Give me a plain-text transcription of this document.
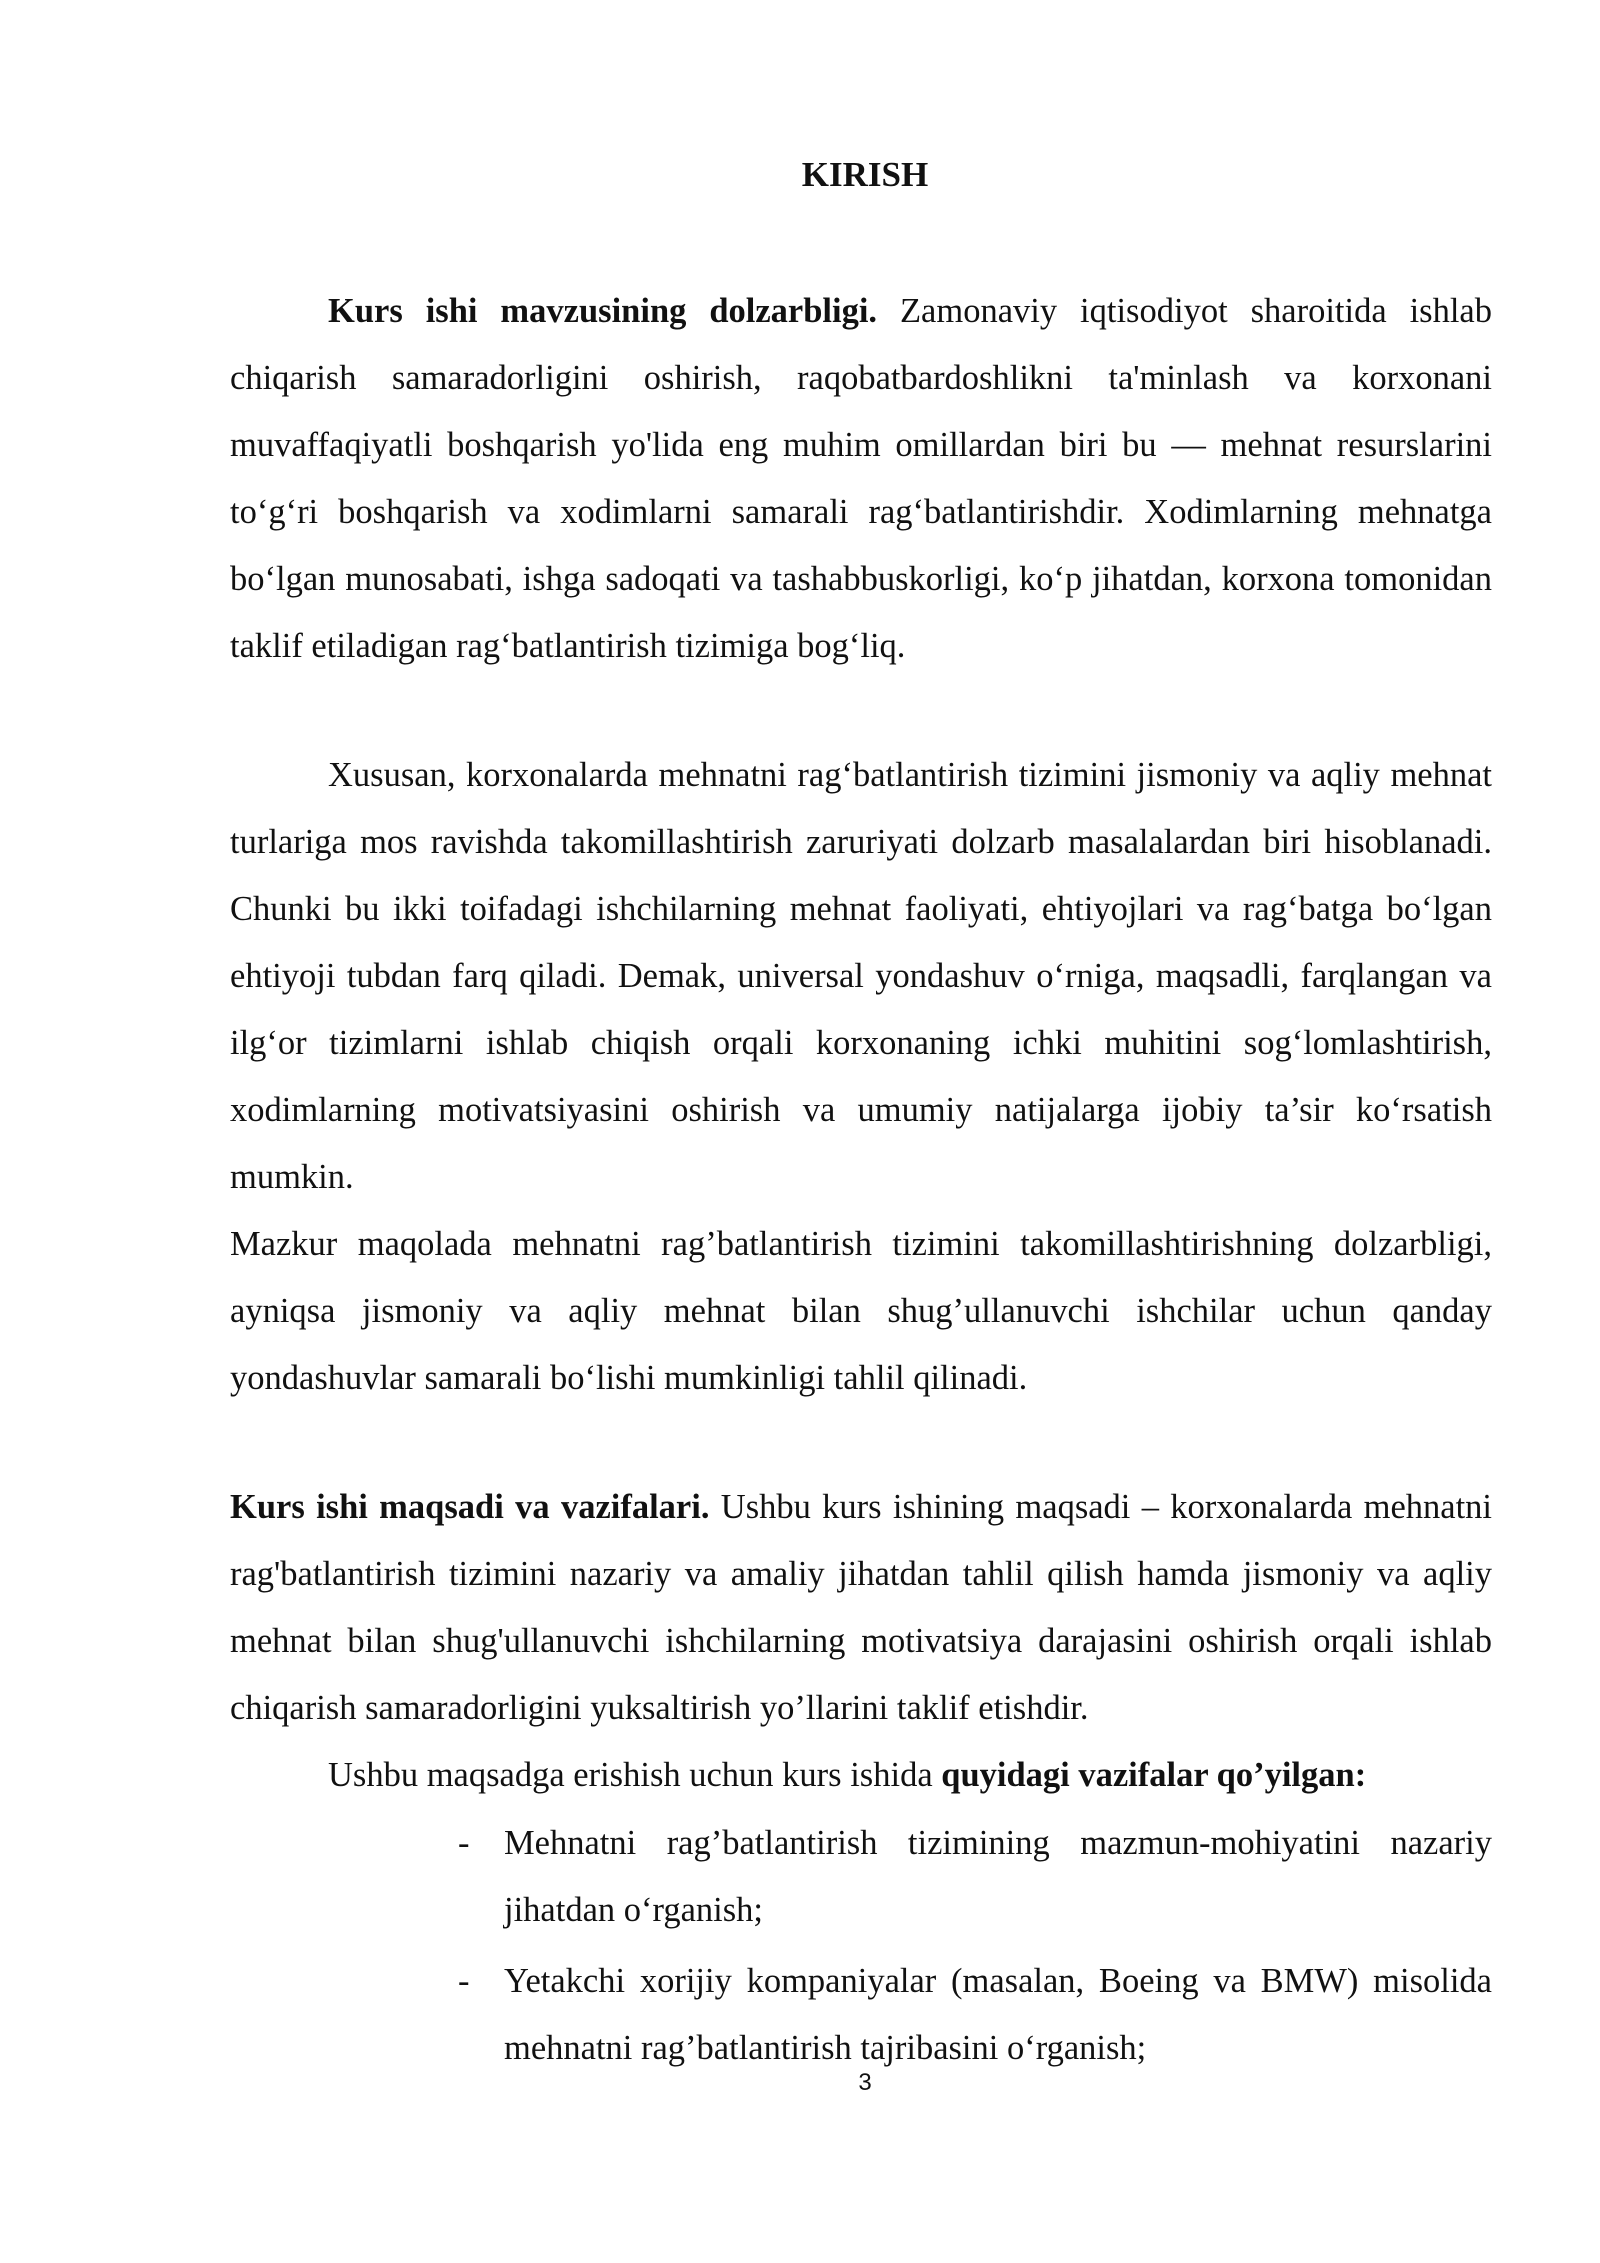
KIRISH

Kurs ishi mavzusining dolzarbligi. Zamonaviy iqtisodiyot sharoitida ishlab chiqarish samaradorligini oshirish, raqobatbardoshlikni ta'minlash va korxonani muvaffaqiyatli boshqarish yo'lida eng muhim omillardan biri bu — mehnat resurslarini to‘g‘ri boshqarish va xodimlarni samarali rag‘batlantirishdir. Xodimlarning mehnatga bo‘lgan munosabati, ishga sadoqati va tashabbuskorligi, ko‘p jihatdan, korxona tomonidan taklif etiladigan rag‘batlantirish tizimiga bog‘liq.

Xususan, korxonalarda mehnatni rag‘batlantirish tizimini jismoniy va aqliy mehnat turlariga mos ravishda takomillashtirish zaruriyati dolzarb masalalardan biri hisoblanadi. Chunki bu ikki toifadagi ishchilarning mehnat faoliyati, ehtiyojlari va rag‘batga bo‘lgan ehtiyoji tubdan farq qiladi. Demak, universal yondashuv o‘rniga, maqsadli, farqlangan va ilg‘or tizimlarni ishlab chiqish orqali korxonaning ichki muhitini sog‘lomlashtirish, xodimlarning motivatsiyasini oshirish va umumiy natijalarga ijobiy ta’sir ko‘rsatish mumkin.

Mazkur maqolada mehnatni rag’batlantirish tizimini takomillashtirishning dolzarbligi, ayniqsa jismoniy va aqliy mehnat bilan shug’ullanuvchi ishchilar uchun qanday yondashuvlar samarali bo‘lishi mumkinligi tahlil qilinadi.

Kurs ishi maqsadi va vazifalari. Ushbu kurs ishining maqsadi – korxonalarda mehnatni rag'batlantirish tizimini nazariy va amaliy jihatdan tahlil qilish hamda jismoniy va aqliy mehnat bilan shug'ullanuvchi ishchilarning motivatsiya darajasini oshirish orqali ishlab chiqarish samaradorligini yuksaltirish yo’llarini taklif etishdir.

Ushbu maqsadga erishish uchun kurs ishida quyidagi vazifalar qo’yilgan:

- Mehnatni rag’batlantirish tizimining mazmun-mohiyatini nazariy jihatdan o‘rganish;
- Yetakchi xorijiy kompaniyalar (masalan, Boeing va BMW) misolida mehnatni rag’batlantirish tajribasini o‘rganish;
3
